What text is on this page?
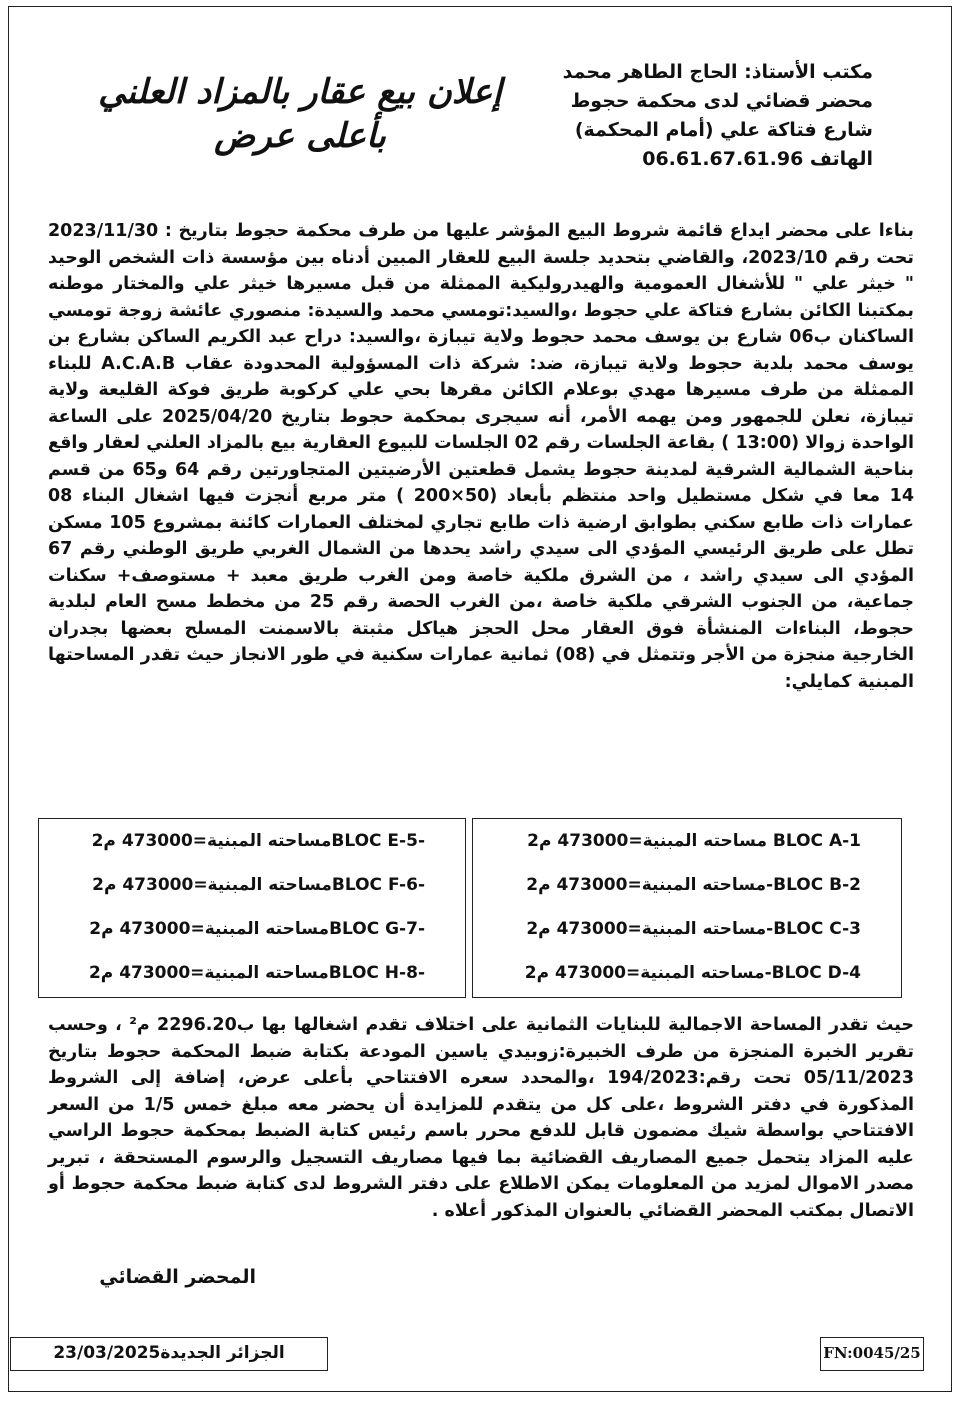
مكتب الأستاذ: الحاج الطاهر محمد
محضر قضائي لدى محكمة حجوط
شارع فتاكة علي (أمام المحكمة)
الهاتف 06.61.67.61.96
إعلان بيع عقار بالمزاد العلني
بأعلى عرض
بناءا على محضر ايداع قائمة شروط البيع المؤشر عليها من طرف محكمة حجوط بتاريخ : 2023/11/30 تحت رقم 2023/10، والقاضي بتحديد جلسة البيع للعقار المبين أدناه بين مؤسسة ذات الشخص الوحيد " خيثر علي " للأشغال العمومية والهيدروليكية الممثلة من قبل مسيرها خيثر علي والمختار موطنه بمكتبنا الكائن بشارع فتاكة علي حجوط ،والسيد:تومسي محمد والسيدة: منصوري عائشة زوجة تومسي الساكنان ب06 شارع بن يوسف محمد حجوط ولاية تيبازة ،والسيد: دراح عبد الكريم الساكن بشارع بن يوسف محمد بلدية حجوط ولاية تيبازة، ضد: شركة ذات المسؤولية المحدودة عقاب A.C.A.B للبناء الممثلة من طرف مسيرها مهدي بوعلام الكائن مقرها بحي علي كركوبة طريق فوكة القليعة ولاية تيبازة، نعلن للجمهور ومن يهمه الأمر، أنه سيجرى بمحكمة حجوط بتاريخ 2025/04/20 على الساعة الواحدة زوالا (13:00 ) بقاعة الجلسات رقم 02 الجلسات للبيوع العقارية بيع بالمزاد العلني لعقار واقع بناحية الشمالية الشرقية لمدينة حجوط يشمل قطعتين الأرضيتين المتجاورتين رقم 64 و65 من قسم 14 معا في شكل مستطيل واحد منتظم بأبعاد (50×200 ) متر مربع أنجزت فيها اشغال البناء 08 عمارات ذات طابع سكني بطوابق ارضية ذات طابع تجاري لمختلف العمارات كائنة بمشروع 105 مسكن تطل على طريق الرئيسي المؤدي الى سيدي راشد يحدها من الشمال الغربي طريق الوطني رقم 67 المؤدي الى سيدي راشد ، من الشرق ملكية خاصة ومن الغرب طريق معبد + مستوصف+ سكنات جماعية، من الجنوب الشرقي ملكية خاصة ،من الغرب الحصة رقم 25 من مخطط مسح العام لبلدية حجوط، البناءات المنشأة فوق العقار محل الحجز هياكل مثبتة بالاسمنت المسلح بعضها بجدران الخارجية منجزة من الأجر وتتمثل في (08) ثمانية عمارات سكنية في طور الانجاز حيث تقدر المساحتها المبنية كمايلي:
BLOC A-1 مساحته المبنية=473000 م2
BLOC B-2-مساحته المبنية=473000 م2
BLOC C-3-مساحته المبنية=473000 م2
BLOC D-4-مساحته المبنية=473000 م2
-BLOC E-5مساحته المبنية=473000 م2
-BLOC F-6مساحته المبنية=473000 م2
-BLOC G-7مساحته المبنية=473000 م2
-BLOC H-8مساحته المبنية=473000 م2
حيث تقدر المساحة الاجمالية للبنايات الثمانية على اختلاف تقدم اشغالها بها ب2296.20 م² ، وحسب تقرير الخبرة المنجزة من طرف الخبيرة:زوبيدي ياسين المودعة بكتابة ضبط المحكمة حجوط بتاريخ 05/11/2023 تحت رقم:194/2023 ،والمحدد سعره الافتتاحي بأعلى عرض، إضافة إلى الشروط المذكورة في دفتر الشروط ،على كل من يتقدم للمزايدة أن يحضر معه مبلغ خمس 1/5 من السعر الافتتاحي بواسطة شيك مضمون قابل للدفع محرر باسم رئيس كتابة الضبط بمحكمة حجوط الراسي عليه المزاد يتحمل جميع المصاريف القضائية بما فيها مصاريف التسجيل والرسوم المستحقة ، تبرير مصدر الاموال لمزيد من المعلومات يمكن الاطلاع على دفتر الشروط لدى كتابة ضبط محكمة حجوط أو الاتصال بمكتب المحضر القضائي بالعنوان المذكور أعلاه .
المحضر القضائي
الجزائر الجديدة23/03/2025	FN:0045/25
